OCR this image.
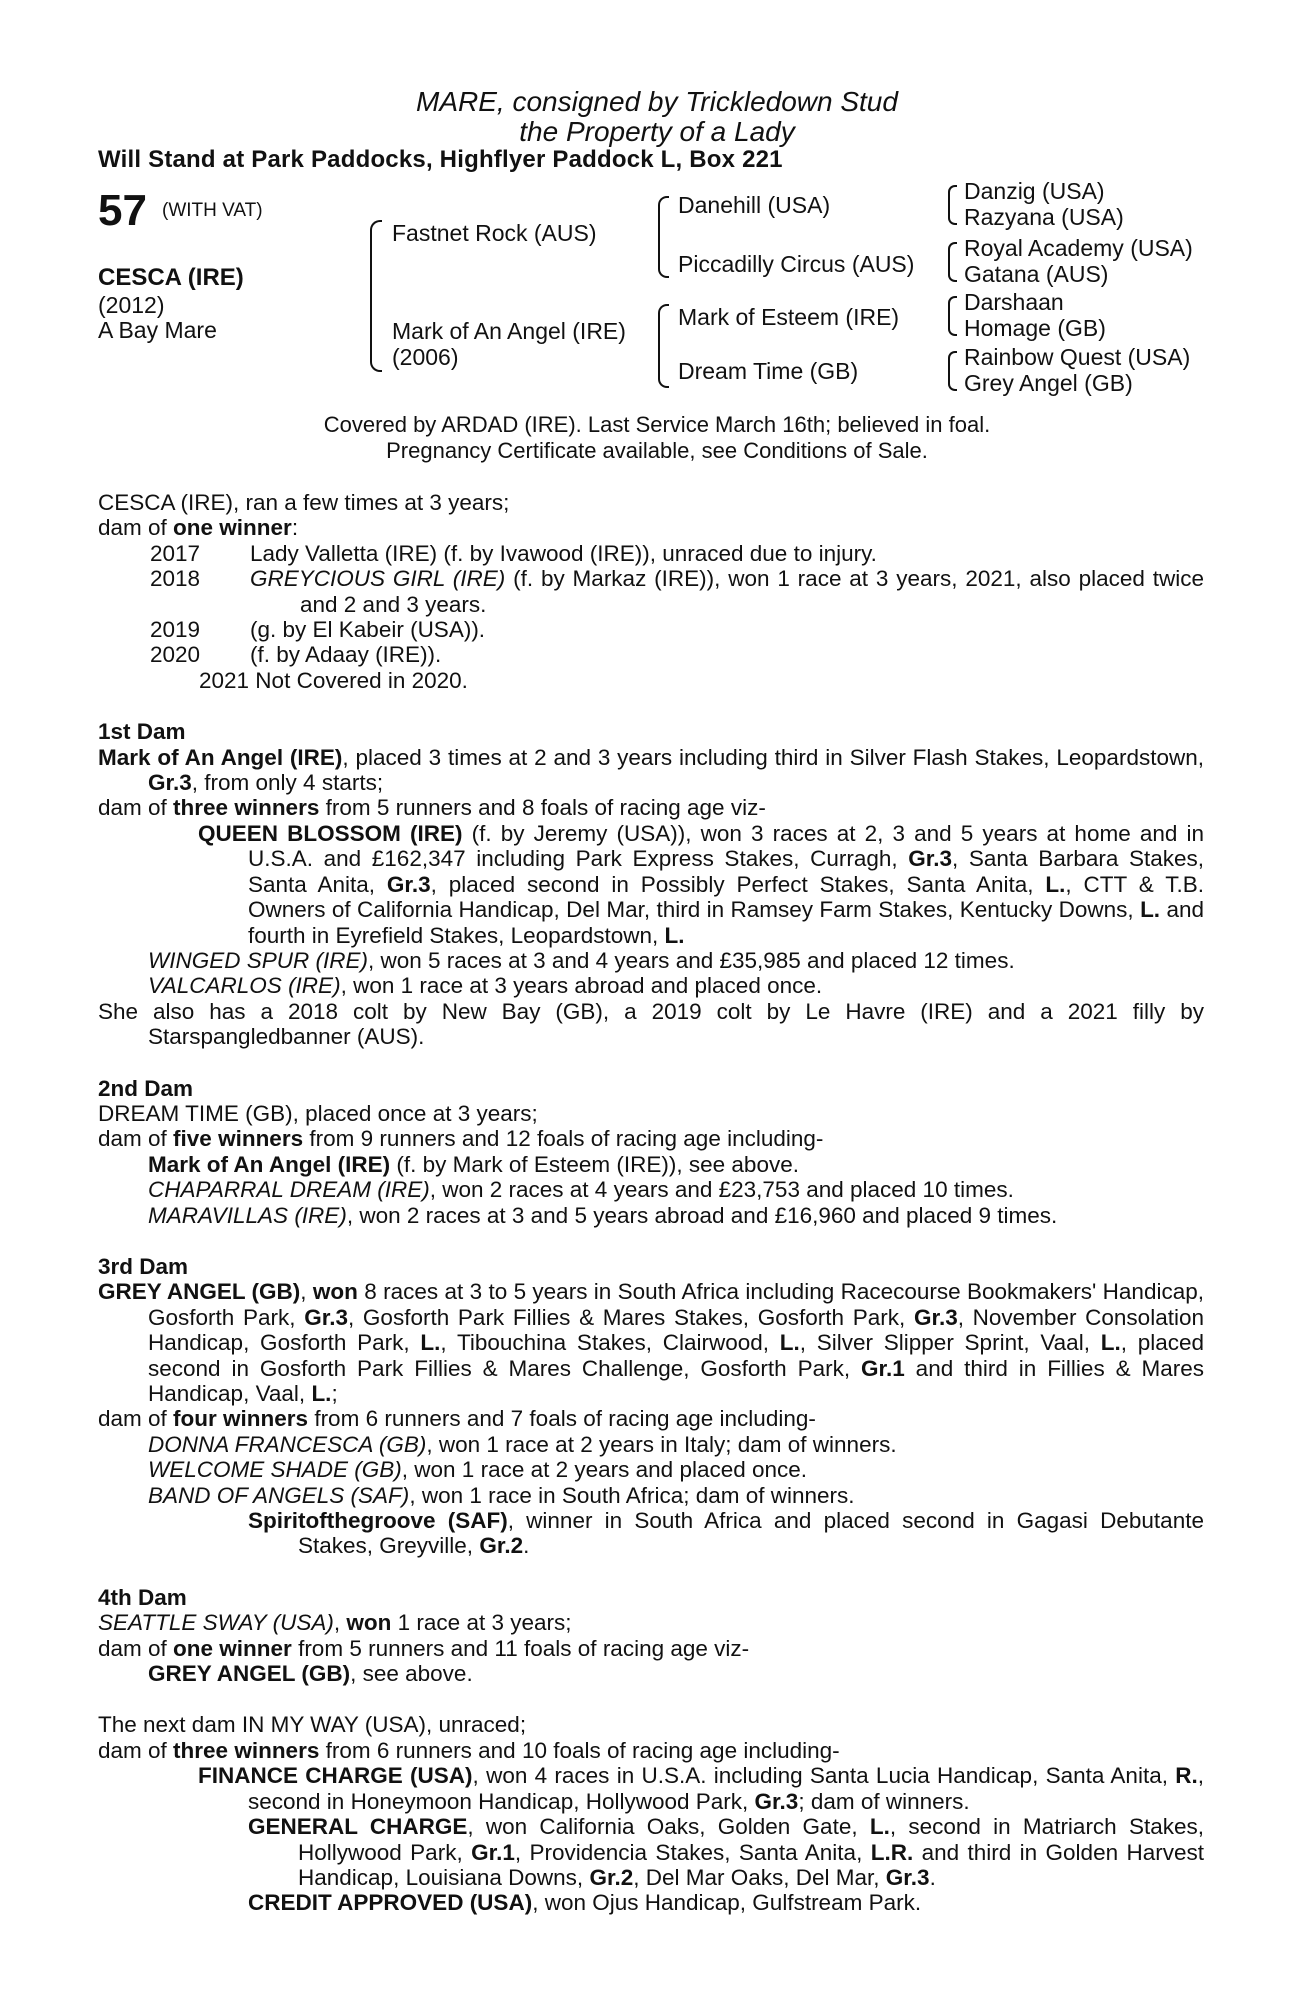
MARE, consigned by Trickledown Stud
the Property of a Lady
Will Stand at Park Paddocks, Highflyer Paddock L, Box 221
57 (WITH VAT)
CESCA (IRE)
(2012)
A Bay Mare
Fastnet Rock (AUS)
Mark of An Angel (IRE)
(2006)
Danehill (USA)
Piccadilly Circus (AUS)
Mark of Esteem (IRE)
Dream Time (GB)
Danzig (USA)
Razyana (USA)
Royal Academy (USA)
Gatana (AUS)
Darshaan
Homage (GB)
Rainbow Quest (USA)
Grey Angel (GB)
Covered by ARDAD (IRE). Last Service March 16th; believed in foal.
Pregnancy Certificate available, see Conditions of Sale.

CESCA (IRE), ran a few times at 3 years;

dam of one winner:

2017 Lady Valletta (IRE) (f. by Ivawood (IRE)), unraced due to injury.

2018 GREYCIOUS GIRL (IRE) (f. by Markaz (IRE)), won 1 race at 3 years, 2021, also placed twice and 2 and 3 years.

2019 (g. by El Kabeir (USA)).

2020 (f. by Adaay (IRE)).

2021 Not Covered in 2020.

1st Dam

Mark of An Angel (IRE), placed 3 times at 2 and 3 years including third in Silver Flash Stakes, Leopardstown, Gr.3, from only 4 starts;

dam of three winners from 5 runners and 8 foals of racing age viz-

QUEEN BLOSSOM (IRE) (f. by Jeremy (USA)), won 3 races at 2, 3 and 5 years at home and in U.S.A. and £162,347 including Park Express Stakes, Curragh, Gr.3, Santa Barbara Stakes, Santa Anita, Gr.3, placed second in Possibly Perfect Stakes, Santa Anita, L., CTT & T.B. Owners of California Handicap, Del Mar, third in Ramsey Farm Stakes, Kentucky Downs, L. and fourth in Eyrefield Stakes, Leopardstown, L.

WINGED SPUR (IRE), won 5 races at 3 and 4 years and £35,985 and placed 12 times.

VALCARLOS (IRE), won 1 race at 3 years abroad and placed once.

She also has a 2018 colt by New Bay (GB), a 2019 colt by Le Havre (IRE) and a 2021 filly by Starspangledbanner (AUS).

2nd Dam

DREAM TIME (GB), placed once at 3 years;

dam of five winners from 9 runners and 12 foals of racing age including-

Mark of An Angel (IRE) (f. by Mark of Esteem (IRE)), see above.

CHAPARRAL DREAM (IRE), won 2 races at 4 years and £23,753 and placed 10 times.

MARAVILLAS (IRE), won 2 races at 3 and 5 years abroad and £16,960 and placed 9 times.

3rd Dam

GREY ANGEL (GB), won 8 races at 3 to 5 years in South Africa including Racecourse Bookmakers' Handicap, Gosforth Park, Gr.3, Gosforth Park Fillies & Mares Stakes, Gosforth Park, Gr.3, November Consolation Handicap, Gosforth Park, L., Tibouchina Stakes, Clairwood, L., Silver Slipper Sprint, Vaal, L., placed second in Gosforth Park Fillies & Mares Challenge, Gosforth Park, Gr.1 and third in Fillies & Mares Handicap, Vaal, L.;

dam of four winners from 6 runners and 7 foals of racing age including-

DONNA FRANCESCA (GB), won 1 race at 2 years in Italy; dam of winners.

WELCOME SHADE (GB), won 1 race at 2 years and placed once.

BAND OF ANGELS (SAF), won 1 race in South Africa; dam of winners.

Spiritofthegroove (SAF), winner in South Africa and placed second in Gagasi Debutante Stakes, Greyville, Gr.2.

4th Dam

SEATTLE SWAY (USA), won 1 race at 3 years;

dam of one winner from 5 runners and 11 foals of racing age viz-

GREY ANGEL (GB), see above.

The next dam IN MY WAY (USA), unraced;

dam of three winners from 6 runners and 10 foals of racing age including-

FINANCE CHARGE (USA), won 4 races in U.S.A. including Santa Lucia Handicap, Santa Anita, R., second in Honeymoon Handicap, Hollywood Park, Gr.3; dam of winners.

GENERAL CHARGE, won California Oaks, Golden Gate, L., second in Matriarch Stakes, Hollywood Park, Gr.1, Providencia Stakes, Santa Anita, L.R. and third in Golden Harvest Handicap, Louisiana Downs, Gr.2, Del Mar Oaks, Del Mar, Gr.3.

CREDIT APPROVED (USA), won Ojus Handicap, Gulfstream Park.
